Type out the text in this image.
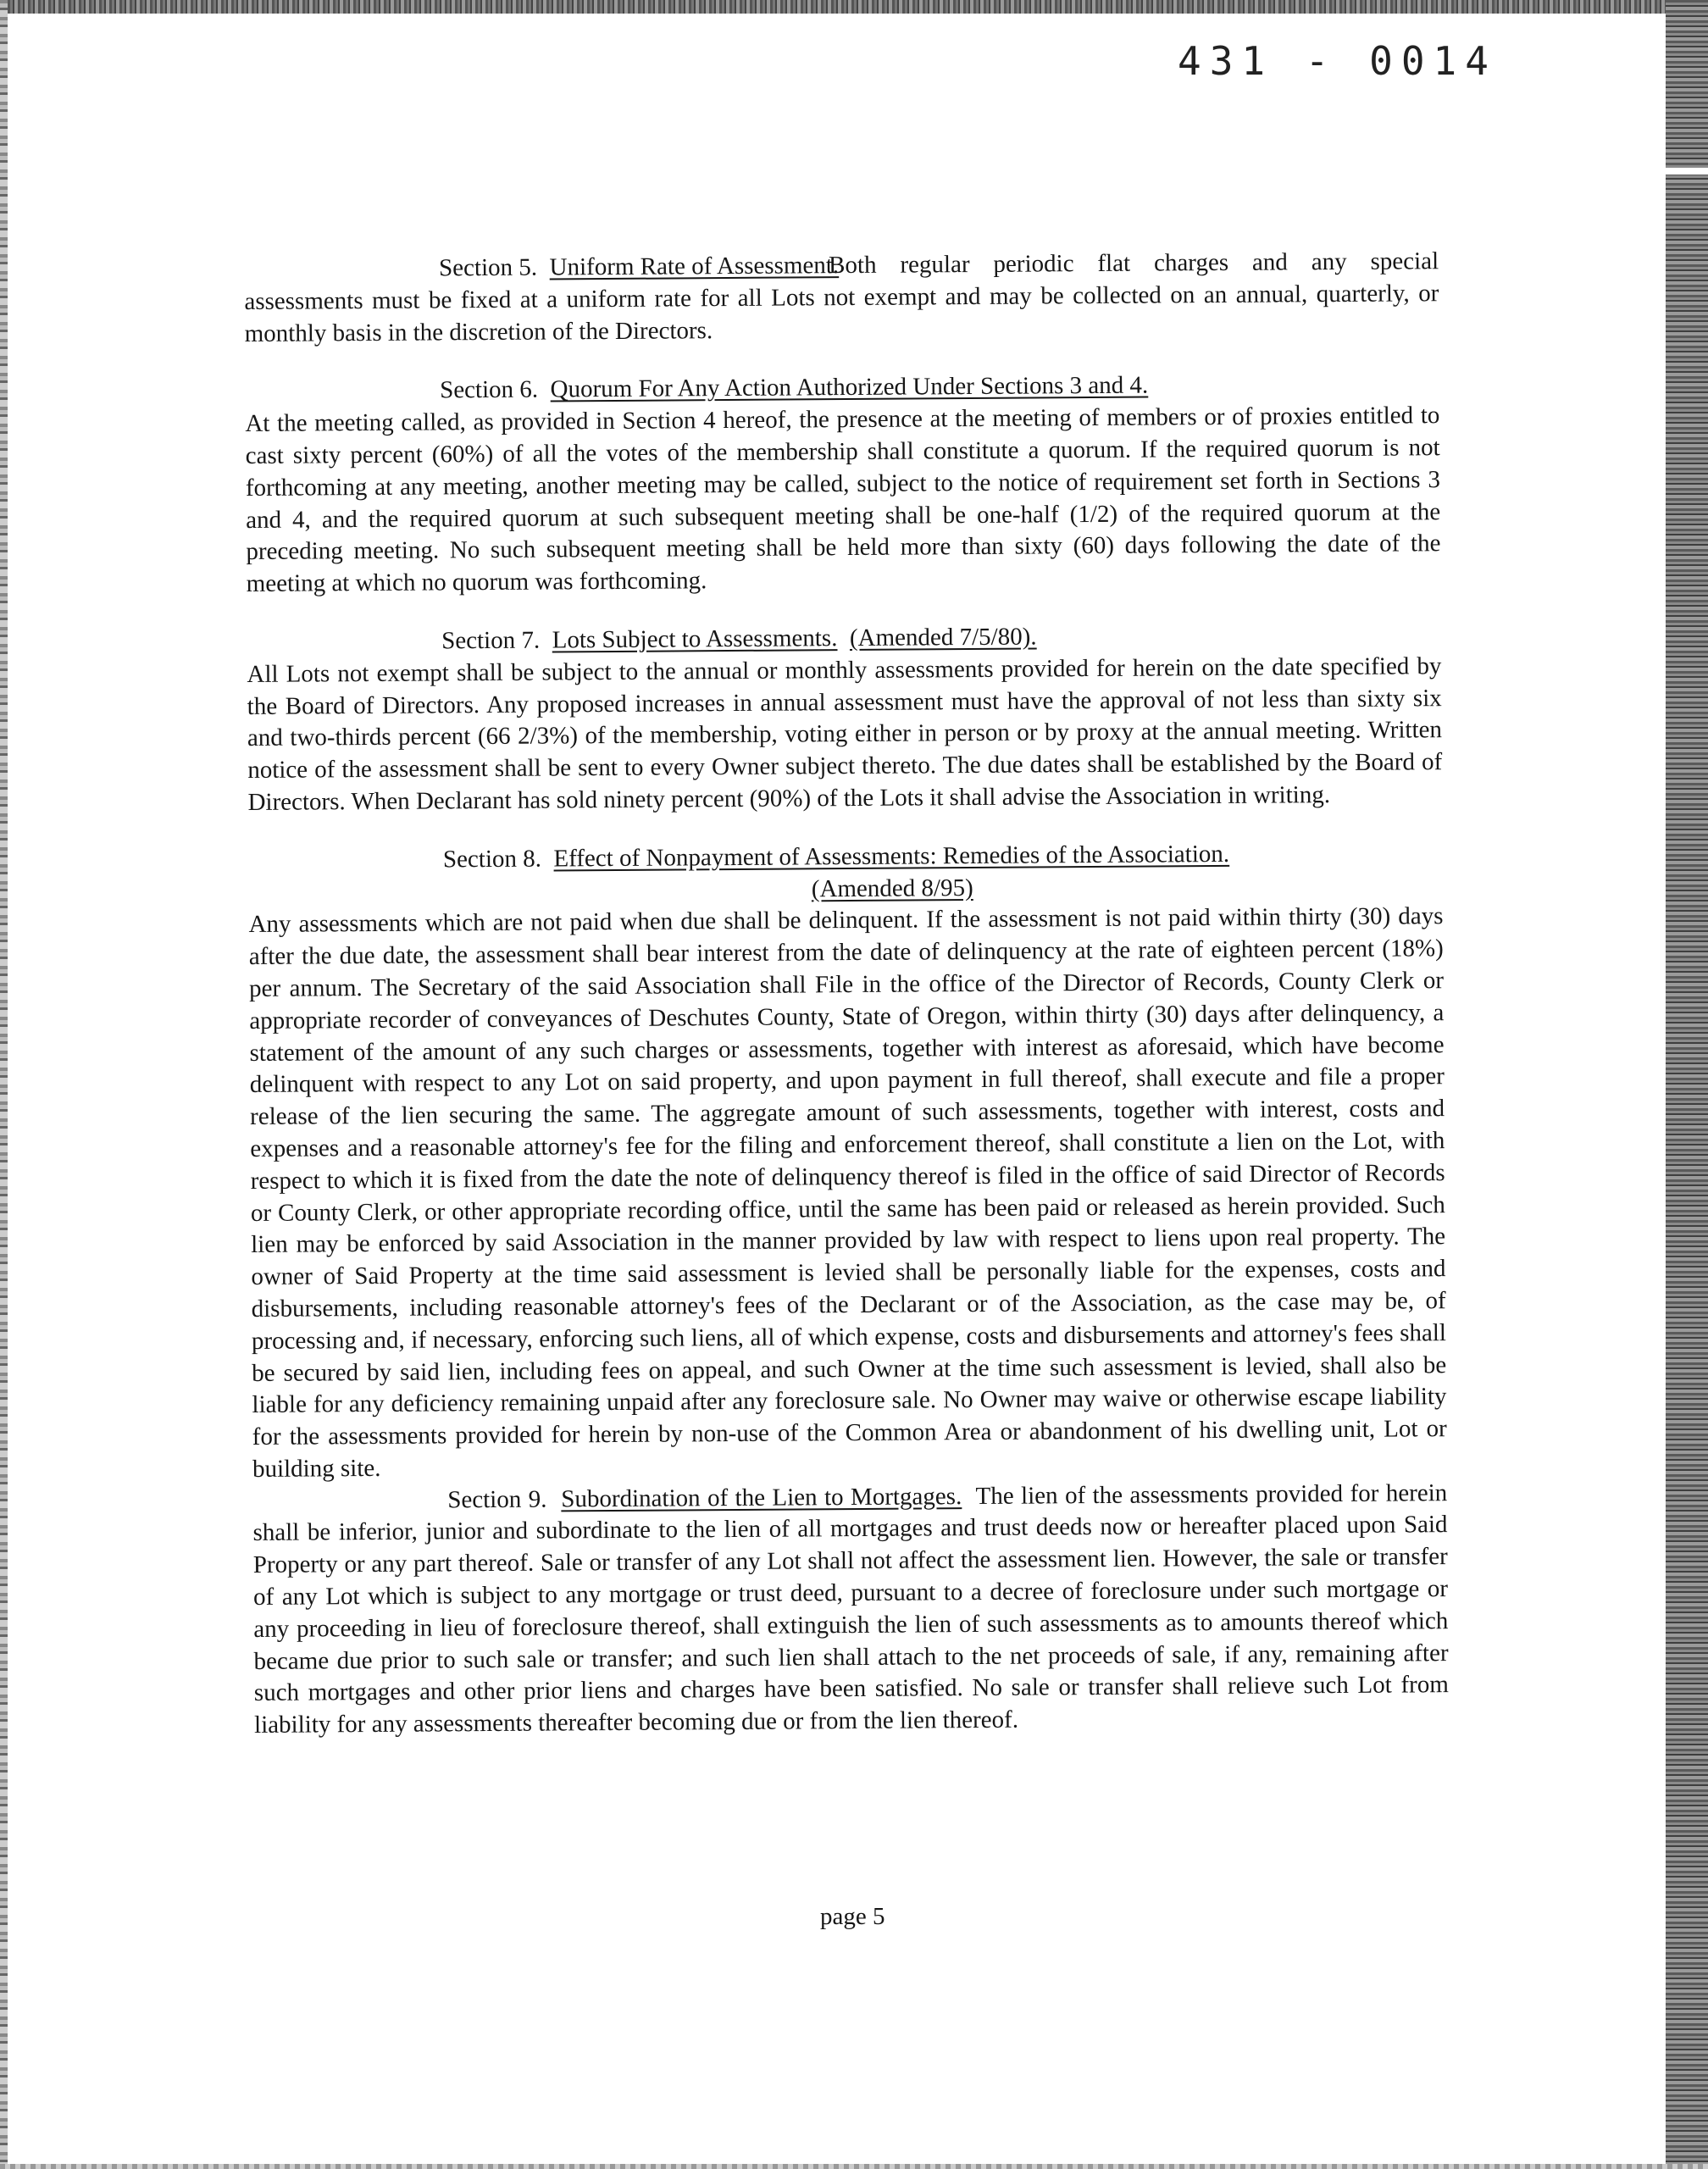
431 - 0014

Section 5. Uniform Rate of Assessment.

Both regular periodic flat charges and any special assessments must be fixed at a uniform rate for all Lots not exempt and may be collected on an annual, quarterly, or monthly basis in the discretion of the Directors.

Section 6. Quorum For Any Action Authorized Under Sections 3 and 4.

At the meeting called, as provided in Section 4 hereof, the presence at the meeting of members or of proxies entitled to cast sixty percent (60%) of all the votes of the membership shall constitute a quorum. If the required quorum is not forthcoming at any meeting, another meeting may be called, subject to the notice of requirement set forth in Sections 3 and 4, and the required quorum at such subsequent meeting shall be one-half (1/2) of the required quorum at the preceding meeting. No such subsequent meeting shall be held more than sixty (60) days following the date of the meeting at which no quorum was forthcoming.

Section 7. Lots Subject to Assessments. (Amended 7/5/80).

All Lots not exempt shall be subject to the annual or monthly assessments provided for herein on the date specified by the Board of Directors. Any proposed increases in annual assessment must have the approval of not less than sixty six and two-thirds percent (66 2/3%) of the membership, voting either in person or by proxy at the annual meeting. Written notice of the assessment shall be sent to every Owner subject thereto. The due dates shall be established by the Board of Directors. When Declarant has sold ninety percent (90%) of the Lots it shall advise the Association in writing.

Section 8. Effect of Nonpayment of Assessments: Remedies of the Association.

(Amended 8/95)

Any assessments which are not paid when due shall be delinquent. If the assessment is not paid within thirty (30) days after the due date, the assessment shall bear interest from the date of delinquency at the rate of eighteen percent (18%) per annum. The Secretary of the said Association shall File in the office of the Director of Records, County Clerk or appropriate recorder of conveyances of Deschutes County, State of Oregon, within thirty (30) days after delinquency, a statement of the amount of any such charges or assessments, together with interest as aforesaid, which have become delinquent with respect to any Lot on said property, and upon payment in full thereof, shall execute and file a proper release of the lien securing the same. The aggregate amount of such assessments, together with interest, costs and expenses and a reasonable attorney's fee for the filing and enforcement thereof, shall constitute a lien on the Lot, with respect to which it is fixed from the date the note of delinquency thereof is filed in the office of said Director of Records or County Clerk, or other appropriate recording office, until the same has been paid or released as herein provided. Such lien may be enforced by said Association in the manner provided by law with respect to liens upon real property. The owner of Said Property at the time said assessment is levied shall be personally liable for the expenses, costs and disbursements, including reasonable attorney's fees of the Declarant or of the Association, as the case may be, of processing and, if necessary, enforcing such liens, all of which expense, costs and disbursements and attorney's fees shall be secured by said lien, including fees on appeal, and such Owner at the time such assessment is levied, shall also be liable for any deficiency remaining unpaid after any foreclosure sale. No Owner may waive or otherwise escape liability for the assessments provided for herein by non-use of the Common Area or abandonment of his dwelling unit, Lot or building site.

Section 9. Subordination of the Lien to Mortgages. The lien of the assessments provided for herein shall be inferior, junior and subordinate to the lien of all mortgages and trust deeds now or hereafter placed upon Said Property or any part thereof. Sale or transfer of any Lot shall not affect the assessment lien. However, the sale or transfer of any Lot which is subject to any mortgage or trust deed, pursuant to a decree of foreclosure under such mortgage or any proceeding in lieu of foreclosure thereof, shall extinguish the lien of such assessments as to amounts thereof which became due prior to such sale or transfer; and such lien shall attach to the net proceeds of sale, if any, remaining after such mortgages and other prior liens and charges have been satisfied. No sale or transfer shall relieve such Lot from liability for any assessments thereafter becoming due or from the lien thereof.

page 5
